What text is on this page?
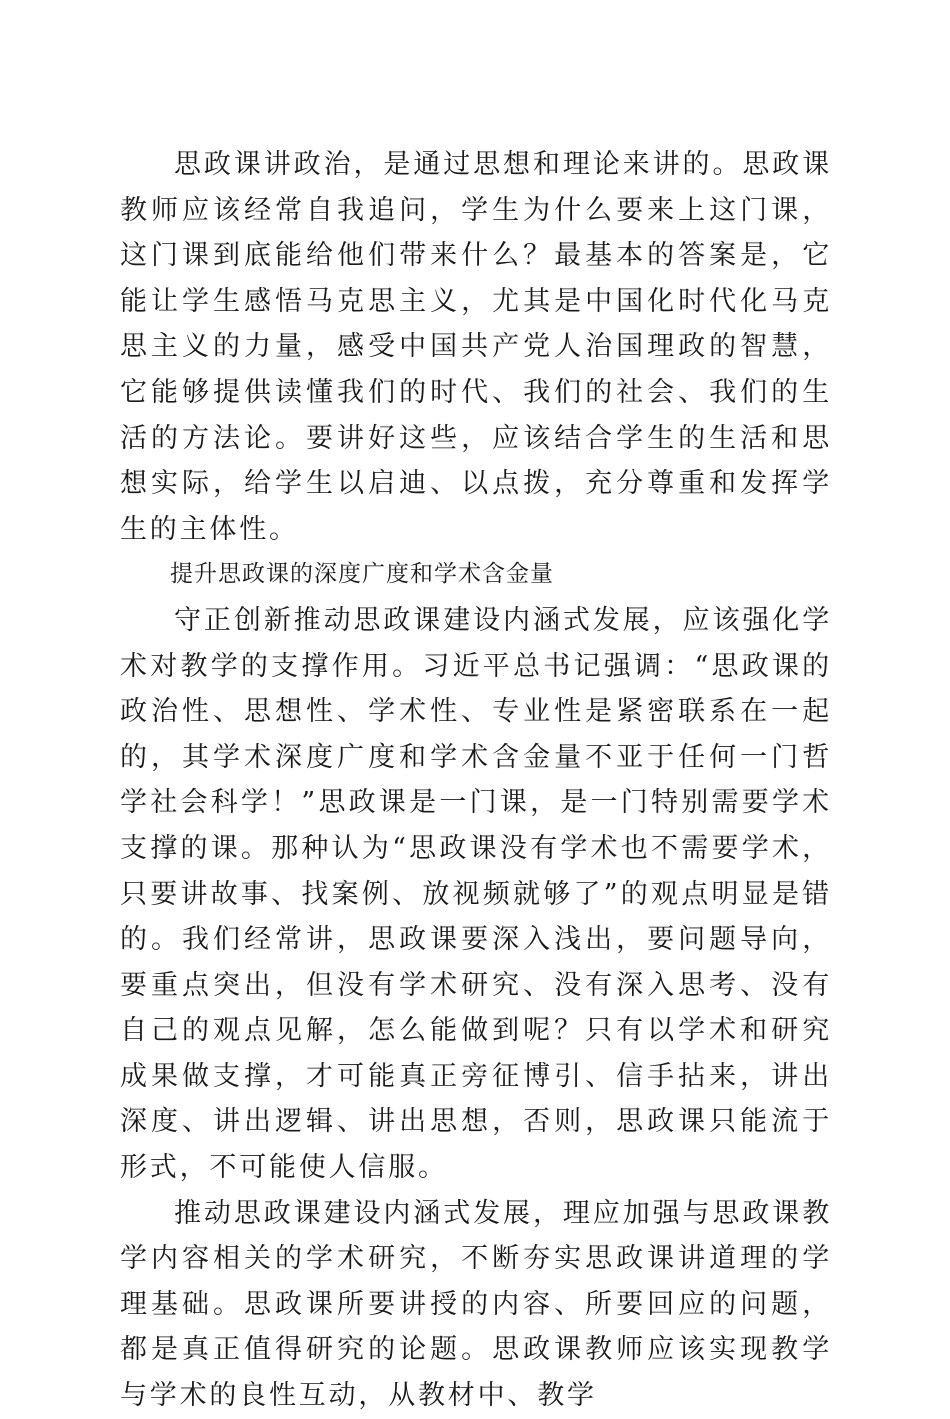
思政课讲政治，是通过思想和理论来讲的。思政课教师应该经常自我追问，学生为什么要来上这门课，这门课到底能给他们带来什么？最基本的答案是，它能让学生感悟马克思主义，尤其是中国化时代化马克思主义的力量，感受中国共产党人治国理政的智慧，它能够提供读懂我们的时代、我们的社会、我们的生活的方法论。要讲好这些，应该结合学生的生活和思想实际，给学生以启迪、以点拨，充分尊重和发挥学生的主体性。

提升思政课的深度广度和学术含金量

守正创新推动思政课建设内涵式发展，应该强化学术对教学的支撑作用。习近平总书记强调：“思政课的政治性、思想性、学术性、专业性是紧密联系在一起的，其学术深度广度和学术含金量不亚于任何一门哲学社会科学！”思政课是一门课，是一门特别需要学术支撑的课。那种认为“思政课没有学术也不需要学术，只要讲故事、找案例、放视频就够了”的观点明显是错的。我们经常讲，思政课要深入浅出，要问题导向，要重点突出，但没有学术研究、没有深入思考、没有自己的观点见解，怎么能做到呢？只有以学术和研究成果做支撑，才可能真正旁征博引、信手拈来，讲出深度、讲出逻辑、讲出思想，否则，思政课只能流于形式，不可能使人信服。

推动思政课建设内涵式发展，理应加强与思政课教学内容相关的学术研究，不断夯实思政课讲道理的学理基础。思政课所要讲授的内容、所要回应的问题，都是真正值得研究的论题。思政课教师应该实现教学与学术的良性互动，从教材中、教学
